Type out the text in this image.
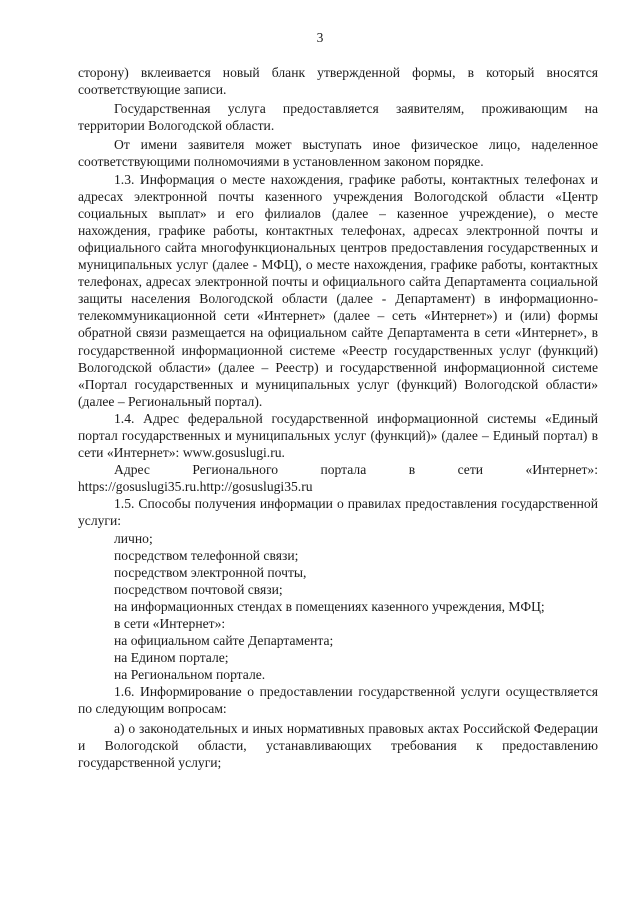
3

сторону) вклеивается новый бланк утвержденной формы, в который вносятся соответствующие записи.

Государственная услуга предоставляется заявителям, проживающим на территории Вологодской области.

От имени заявителя может выступать иное физическое лицо, наделенное соответствующими полномочиями в установленном законом порядке.

1.3. Информация о месте нахождения, графике работы, контактных телефонах и адресах электронной почты казенного учреждения Вологодской области «Центр социальных выплат» и его филиалов (далее – казенное учреждение), о месте нахождения, графике работы, контактных телефонах, адресах электронной почты и официального сайта многофункциональных центров предоставления государственных и муниципальных услуг (далее - МФЦ), о месте нахождения, графике работы, контактных телефонах, адресах электронной почты и официального сайта Департамента социальной защиты населения Вологодской области (далее - Департамент) в информационно-телекоммуникационной сети «Интернет» (далее – сеть «Интернет») и (или) формы обратной связи размещается на официальном сайте Департамента в сети «Интернет», в государственной информационной системе «Реестр государственных услуг (функций) Вологодской области» (далее – Реестр) и государственной информационной системе «Портал государственных и муниципальных услуг (функций) Вологодской области» (далее – Региональный портал).

1.4. Адрес федеральной государственной информационной системы «Единый портал государственных и муниципальных услуг (функций)» (далее – Единый портал) в сети «Интернет»: www.gosuslugi.ru.

Адрес Регионального портала в сети «Интернет»:

https://gosuslugi35.ru.http://gosuslugi35.ru

1.5. Способы получения информации о правилах предоставления государственной услуги:

лично;

посредством телефонной связи;

посредством электронной почты,

посредством почтовой связи;

на информационных стендах в помещениях казенного учреждения, МФЦ;

в сети «Интернет»:

на официальном сайте Департамента;

на Едином портале;

на Региональном портале.

1.6. Информирование о предоставлении государственной услуги осуществляется по следующим вопросам:

а) о законодательных и иных нормативных правовых актах Российской Федерации и Вологодской области, устанавливающих требования к предоставлению государственной услуги;
